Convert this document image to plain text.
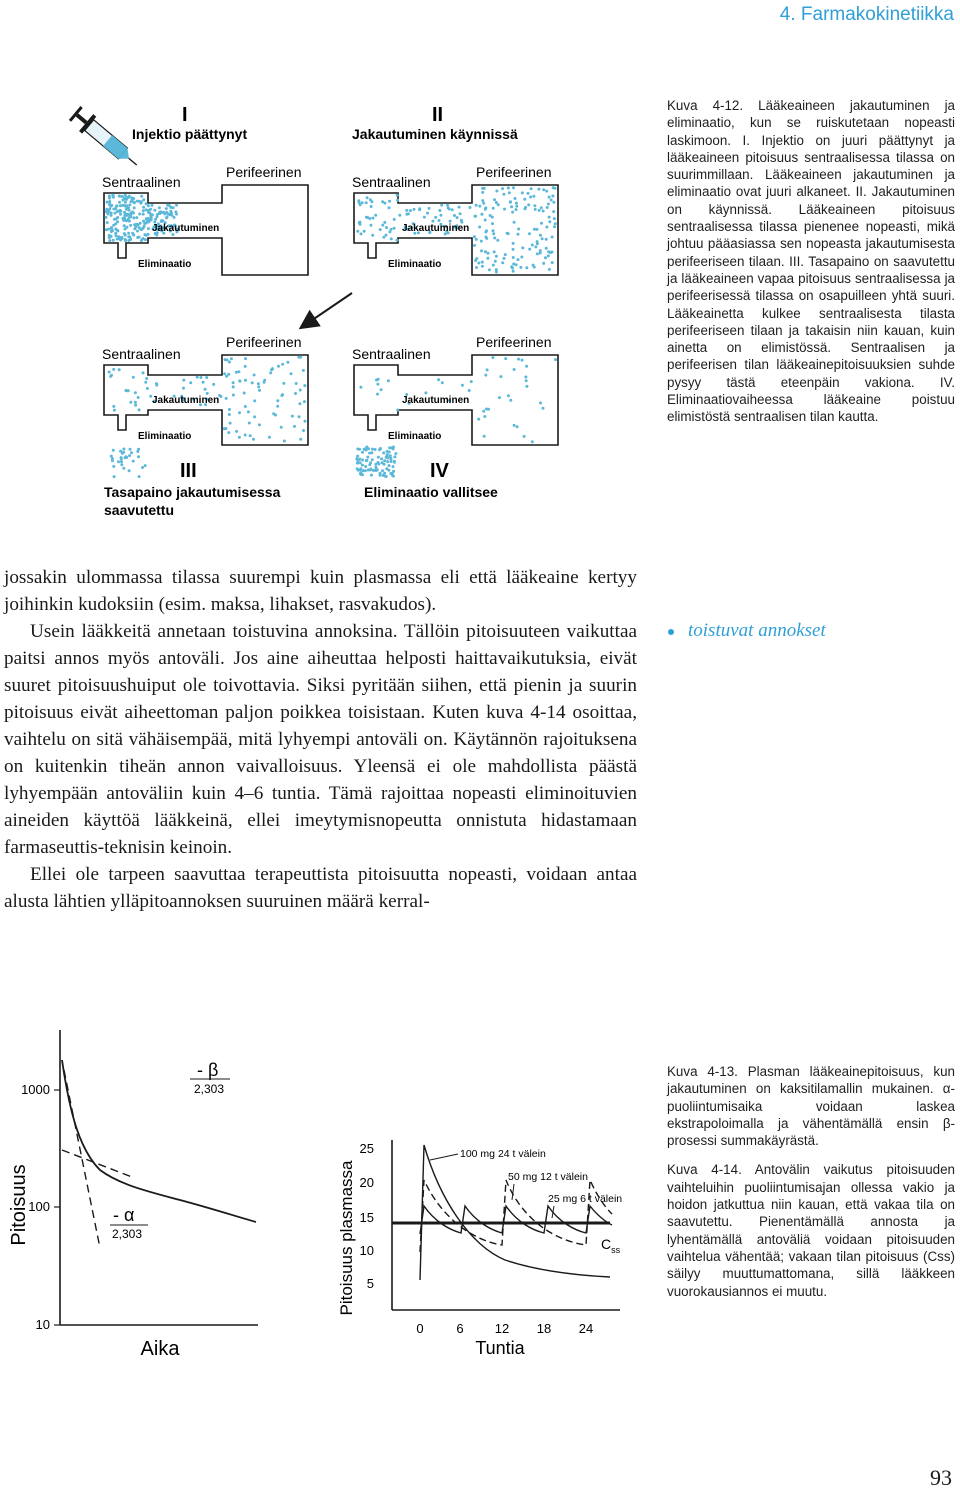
4. Farmakokinetiikka
I
Injektio päättynyt
Sentraalinen
Perifeerinen
Jakautuminen
Eliminaatio
II
Jakautuminen käynnissä
Sentraalinen
Perifeerinen
Jakautuminen
Eliminaatio
Sentraalinen
Perifeerinen
Jakautuminen
Eliminaatio
III
Tasapaino jakautumisessa
saavutettu
Sentraalinen
Perifeerinen
Jakautuminen
Eliminaatio
IV
Eliminaatio vallitsee
Kuva 4-12. Lääkeaineen jakautuminen ja eliminaatio, kun se ruiskutetaan nopeasti laskimoon. I. Injektio on juuri päättynyt ja lääkeaineen pitoisuus sentraalisessa tilassa on suurimmillaan. Lääkeaineen jakautuminen ja eliminaatio ovat juuri alkaneet. II. Jakautuminen on käynnissä. Lääkeaineen pitoisuus sentraalisessa tilassa pienenee nopeasti, mikä johtuu pääasiassa sen nopeasta jakautumisesta perifeeriseen tilaan. III. Tasapaino on saavutettu ja lääkeaineen vapaa pitoisuus sentraalisessa ja perifeerisessä tilassa on osapuilleen yhtä suuri. Lääkeainetta kulkee sentraalisesta tilasta perifeeriseen tilaan ja takaisin niin kauan, kuin ainetta on elimistössä. Sentraalisen ja perifeerisen tilan lääkeainepitoisuuksien suhde pysyy tästä eteenpäin vakiona. IV. Eliminaatiovaiheessa lääkeaine poistuu elimistöstä sentraalisen tilan kautta.

jossakin ulommassa tilassa suurempi kuin plasmassa eli että lääkeaine kertyy joihinkin kudoksiin (esim. maksa, lihakset, rasvakudos).

Usein lääkkeitä annetaan toistuvina annoksina. Tällöin pitoisuuteen vaikuttaa paitsi annos myös antoväli. Jos aine aiheuttaa helposti haittavaikutuksia, eivät suuret pitoisuushuiput ole toivottavia. Siksi pyritään siihen, että pienin ja suurin pitoisuus eivät aiheettoman paljon poikkea toisistaan. Kuten kuva 4-14 osoittaa, vaihtelu on sitä vähäisempää, mitä lyhyempi antoväli on. Käytännön rajoituksena on kuitenkin tiheän annon vaivalloisuus. Yleensä ei ole mahdollista päästä lyhyempään antoväliin kuin 4–6 tuntia. Tämä rajoittaa nopeasti eliminoituvien aineiden käyttöä lääkkeinä, ellei imeytymisnopeutta onnistuta hidastamaan farmaseuttis-teknisin keinoin.

Ellei ole tarpeen saavuttaa terapeuttista pitoisuutta nopeasti, voidaan antaa alusta lähtien ylläpitoannoksen suuruinen määrä kerral-

toistuvat annokset
1000
100
10
Pitoisuus
Aika
- α
2,303
- β
2,303
25
20
15
10
5
0	6 12 18 24
Pitoisuus plasmassa
Tuntia
100 mg 24 t välein
50 mg 12 t välein
25 mg 6 t välein
$C_{ss}$

Kuva 4-13. Plasman lääkeainepitoisuus, kun jakautuminen on kaksitilamallin mukainen. α-puoliintumisaika voidaan laskea ekstrapoloimalla ja vähentämällä ensin β-prosessi summakäyrästä.

Kuva 4-14. Antovälin vaikutus pitoisuuden vaihteluihin puoliintumisajan ollessa vakio ja hoidon jatkuttua niin kauan, että vakaa tila on saavutettu. Pienentämällä annosta ja lyhentämällä antoväliä voidaan pitoisuuden vaihtelua vähentää; vakaan tilan pitoisuus (Css) säilyy muuttumattomana, sillä lääkkeen vuorokausiannos ei muutu.

93
